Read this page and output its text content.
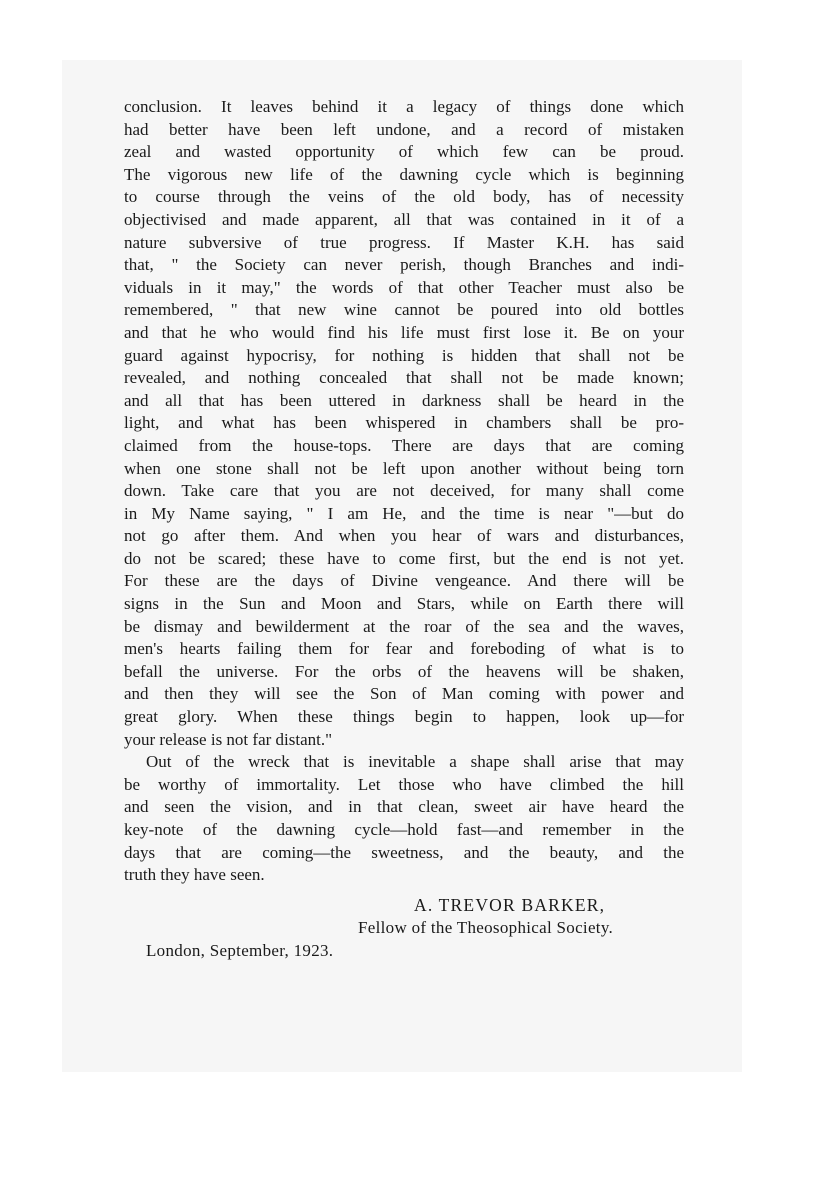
conclusion. It leaves behind it a legacy of things done which
had better have been left undone, and a record of mistaken
zeal and wasted opportunity of which few can be proud.
The vigorous new life of the dawning cycle which is beginning
to course through the veins of the old body, has of necessity
objectivised and made apparent, all that was contained in it of a
nature subversive of true progress. If Master K.H. has said
that, " the Society can never perish, though Branches and indi-
viduals in it may," the words of that other Teacher must also be
remembered, " that new wine cannot be poured into old bottles
and that he who would find his life must first lose it. Be on your
guard against hypocrisy, for nothing is hidden that shall not be
revealed, and nothing concealed that shall not be made known;
and all that has been uttered in darkness shall be heard in the
light, and what has been whispered in chambers shall be pro-
claimed from the house-tops. There are days that are coming
when one stone shall not be left upon another without being torn
down. Take care that you are not deceived, for many shall come
in My Name saying, " I am He, and the time is near "—but do
not go after them. And when you hear of wars and disturbances,
do not be scared; these have to come first, but the end is not yet.
For these are the days of Divine vengeance. And there will be
signs in the Sun and Moon and Stars, while on Earth there will
be dismay and bewilderment at the roar of the sea and the waves,
men's hearts failing them for fear and foreboding of what is to
befall the universe. For the orbs of the heavens will be shaken,
and then they will see the Son of Man coming with power and
great glory. When these things begin to happen, look up—for
your release is not far distant."
Out of the wreck that is inevitable a shape shall arise that may
be worthy of immortality. Let those who have climbed the hill
and seen the vision, and in that clean, sweet air have heard the
key-note of the dawning cycle—hold fast—and remember in the
days that are coming—the sweetness, and the beauty, and the
truth they have seen.
A. TREVOR BARKER,
Fellow of the Theosophical Society.
London, September, 1923.
